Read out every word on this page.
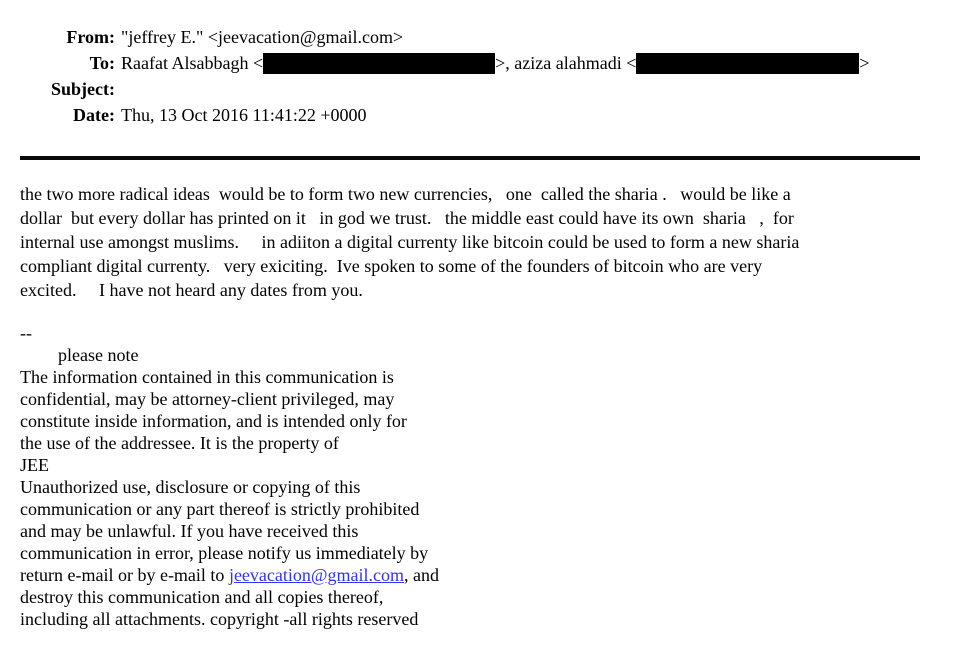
From: "jeffrey E." <jeevacation@gmail.com>
To: Raafat Alsabbagh <	>, aziza alahmadi <	>
Subject:
Date: Thu, 13 Oct 2016 11:41:22 +0000
the two more radical ideas  would be to form two new currencies,   one  called the sharia .   would be like a
dollar  but every dollar has printed on it   in god we trust.   the middle east could have its own  sharia   ,  for
internal use amongst muslims.     in adiiton a digital currenty like bitcoin could be used to form a new sharia
compliant digital currenty.   very exiciting.  Ive spoken to some of the founders of bitcoin who are very
excited.     I have not heard any dates from you.
--
please note
The information contained in this communication is
confidential, may be attorney-client privileged, may
constitute inside information, and is intended only for
the use of the addressee. It is the property of
JEE
Unauthorized use, disclosure or copying of this
communication or any part thereof is strictly prohibited
and may be unlawful. If you have received this
communication in error, please notify us immediately by
return e-mail or by e-mail to jeevacation@gmail.com, and
destroy this communication and all copies thereof,
including all attachments. copyright -all rights reserved
